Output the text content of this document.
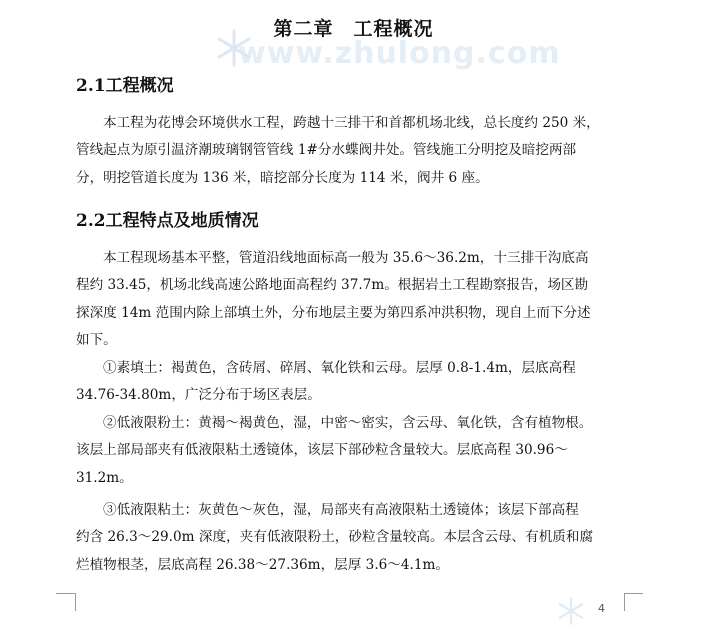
www.zhulong.com
第二章　工程概况
2.1工程概况
本工程为花博会环境供水工程，跨越十三排干和首都机场北线，总长度约 250 米，
管线起点为原引温济潮玻璃钢管管线 1#分水蝶阀井处。管线施工分明挖及暗挖两部
分，明挖管道长度为 136 米，暗挖部分长度为 114 米，阀井 6 座。
2.2工程特点及地质情况
本工程现场基本平整，管道沿线地面标高一般为 35.6～36.2m，十三排干沟底高
程约 33.45，机场北线高速公路地面高程约 37.7m。根据岩土工程勘察报告，场区勘
探深度 14m 范围内除上部填土外，分布地层主要为第四系冲洪积物，现自上而下分述
如下。
①素填土：褐黄色，含砖屑、碎屑、氧化铁和云母。层厚 0.8-1.4m，层底高程
34.76-34.80m，广泛分布于场区表层。
②低液限粉土：黄褐～褐黄色，湿，中密～密实，含云母、氧化铁，含有植物根。
该层上部局部夹有低液限粘土透镜体，该层下部砂粒含量较大。层底高程 30.96～
31.2m。
③低液限粘土：灰黄色～灰色，湿，局部夹有高液限粘土透镜体；该层下部高程
约含 26.3～29.0m 深度，夹有低液限粉土，砂粒含量较高。本层含云母、有机质和腐
烂植物根茎，层底高程 26.38～27.36m，层厚 3.6～4.1m。
4
